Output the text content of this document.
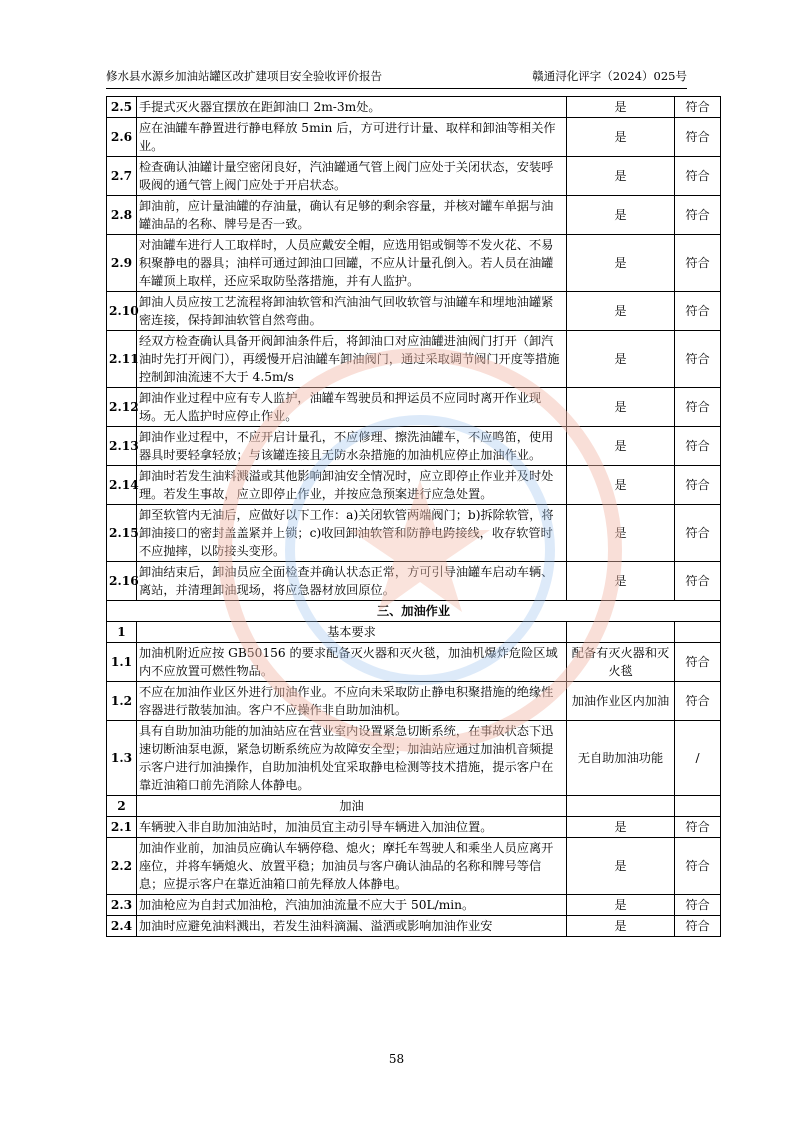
修水县水源乡加油站罐区改扩建项目安全验收评价报告	赣通浔化评字（2024）025号
2.5	手提式灭火器宜摆放在距卸油口 2m-3m处。	是	符合
2.6	应在油罐车静置进行静电释放 5min 后，方可进行计量、取样和卸油等相关作业。	是	符合
2.7	检查确认油罐计量空密闭良好，汽油罐通气管上阀门应处于关闭状态，安装呼吸阀的通气管上阀门应处于开启状态。	是	符合
2.8	卸油前，应计量油罐的存油量，确认有足够的剩余容量，并核对罐车单据与油罐油品的名称、牌号是否一致。	是	符合
2.9	对油罐车进行人工取样时，人员应戴安全帽，应选用铝或铜等不发火花、不易积聚静电的器具；油样可通过卸油口回罐，不应从计量孔倒入。若人员在油罐车罐顶上取样，还应采取防坠落措施，并有人监护。	是	符合
2.10	卸油人员应按工艺流程将卸油软管和汽油油气回收软管与油罐车和埋地油罐紧密连接，保持卸油软管自然弯曲。	是	符合
2.11	经双方检查确认具备开阀卸油条件后，将卸油口对应油罐进油阀门打开（卸汽油时先打开阀门），再缓慢开启油罐车卸油阀门，通过采取调节阀门开度等措施控制卸油流速不大于 4.5m/s	是	符合
2.12	卸油作业过程中应有专人监护，油罐车驾驶员和押运员不应同时离开作业现场。无人监护时应停止作业。	是	符合
2.13	卸油作业过程中，不应开启计量孔，不应修理、擦洗油罐车，不应鸣笛，使用器具时要轻拿轻放；与该罐连接且无防水杂措施的加油机应停止加油作业。	是	符合
2.14	卸油时若发生油料溅溢或其他影响卸油安全情况时，应立即停止作业并及时处理。若发生事故，应立即停止作业，并按应急预案进行应急处置。	是	符合
2.15	卸至软管内无油后，应做好以下工作：a)关闭软管两端阀门；b)拆除软管，将卸油接口的密封盖盖紧并上锁；c)收回卸油软管和防静电跨接线，收存软管时不应抛摔，以防接头变形。	是	符合
2.16	卸油结束后，卸油员应全面检查并确认状态正常，方可引导油罐车启动车辆、离站，并清理卸油现场，将应急器材放回原位。	是	符合
三、加油作业			
1	基本要求		
1.1	加油机附近应按 GB50156 的要求配备灭火器和灭火毯，加油机爆炸危险区域内不应放置可燃性物品。	配备有灭火器和灭火毯	符合
1.2	不应在加油作业区外进行加油作业。不应向未采取防止静电积聚措施的绝缘性容器进行散装加油。客户不应操作非自助加油机。	加油作业区内加油	符合
1.3	具有自助加油功能的加油站应在营业室内设置紧急切断系统，在事故状态下迅速切断油泵电源，紧急切断系统应为故障安全型；加油站应通过加油机音频提示客户进行加油操作，自助加油机处宜采取静电检测等技术措施，提示客户在靠近油箱口前先消除人体静电。	无自助加油功能	/
2	加油		
2.1	车辆驶入非自助加油站时，加油员宜主动引导车辆进入加油位置。	是	符合
2.2	加油作业前，加油员应确认车辆停稳、熄火；摩托车驾驶人和乘坐人员应离开座位，并将车辆熄火、放置平稳；加油员与客户确认油品的名称和牌号等信息；应提示客户在靠近油箱口前先释放人体静电。	是	符合
2.3	加油枪应为自封式加油枪，汽油加油流量不应大于 50L/min。	是	符合
2.4	加油时应避免油料溅出，若发生油料滴漏、溢洒或影响加油作业安	是	符合
58
